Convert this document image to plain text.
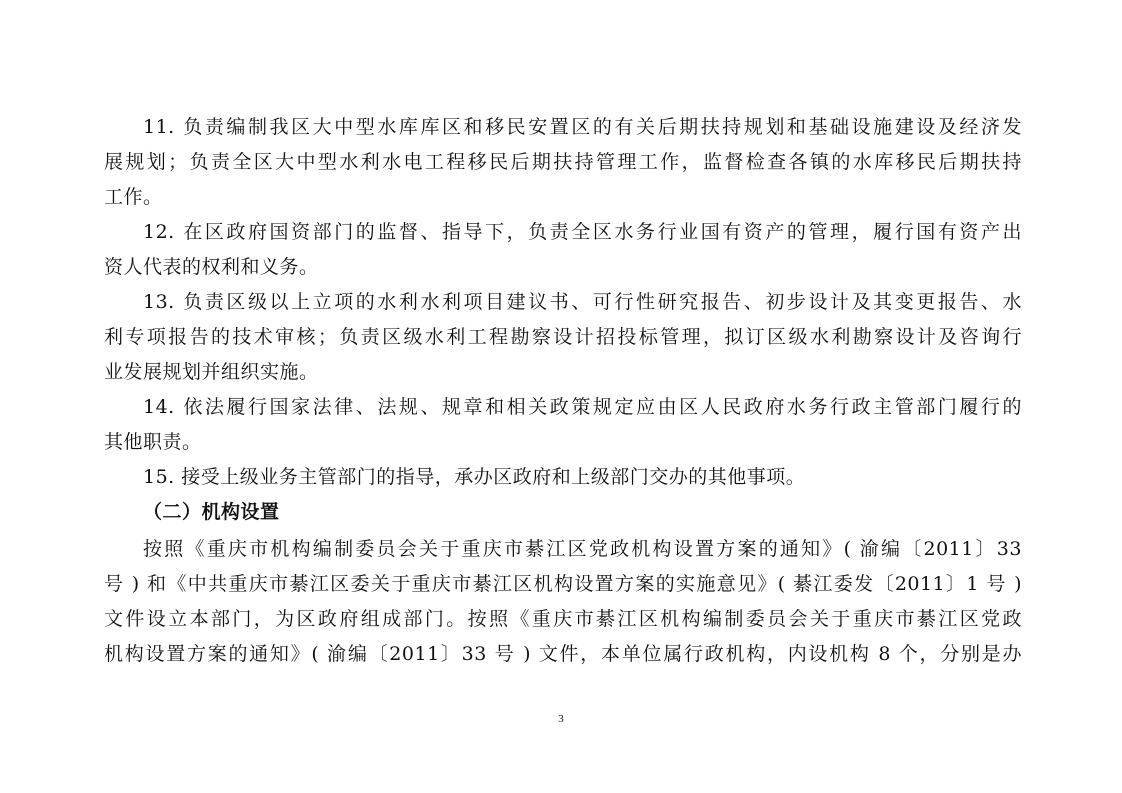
11. 负责编制我区大中型水库库区和移民安置区的有关后期扶持规划和基础设施建设及经济发
展规划；负责全区大中型水利水电工程移民后期扶持管理工作，监督检查各镇的水库移民后期扶持
工作。
12. 在区政府国资部门的监督、指导下，负责全区水务行业国有资产的管理，履行国有资产出
资人代表的权利和义务。
13. 负责区级以上立项的水利水利项目建议书、可行性研究报告、初步设计及其变更报告、水
利专项报告的技术审核；负责区级水利工程勘察设计招投标管理，拟订区级水利勘察设计及咨询行
业发展规划并组织实施。
14. 依法履行国家法律、法规、规章和相关政策规定应由区人民政府水务行政主管部门履行的
其他职责。
15. 接受上级业务主管部门的指导，承办区政府和上级部门交办的其他事项。
（二）机构设置
按照《重庆市机构编制委员会关于重庆市綦江区党政机构设置方案的通知》( 渝编〔2011〕33
号 ) 和《中共重庆市綦江区委关于重庆市綦江区机构设置方案的实施意见》( 綦江委发〔2011〕1 号 )
文件设立本部门，为区政府组成部门。按照《重庆市綦江区机构编制委员会关于重庆市綦江区党政
机构设置方案的通知》( 渝编〔2011〕33 号 ) 文件，本单位属行政机构，内设机构 8 个，分别是办
3
